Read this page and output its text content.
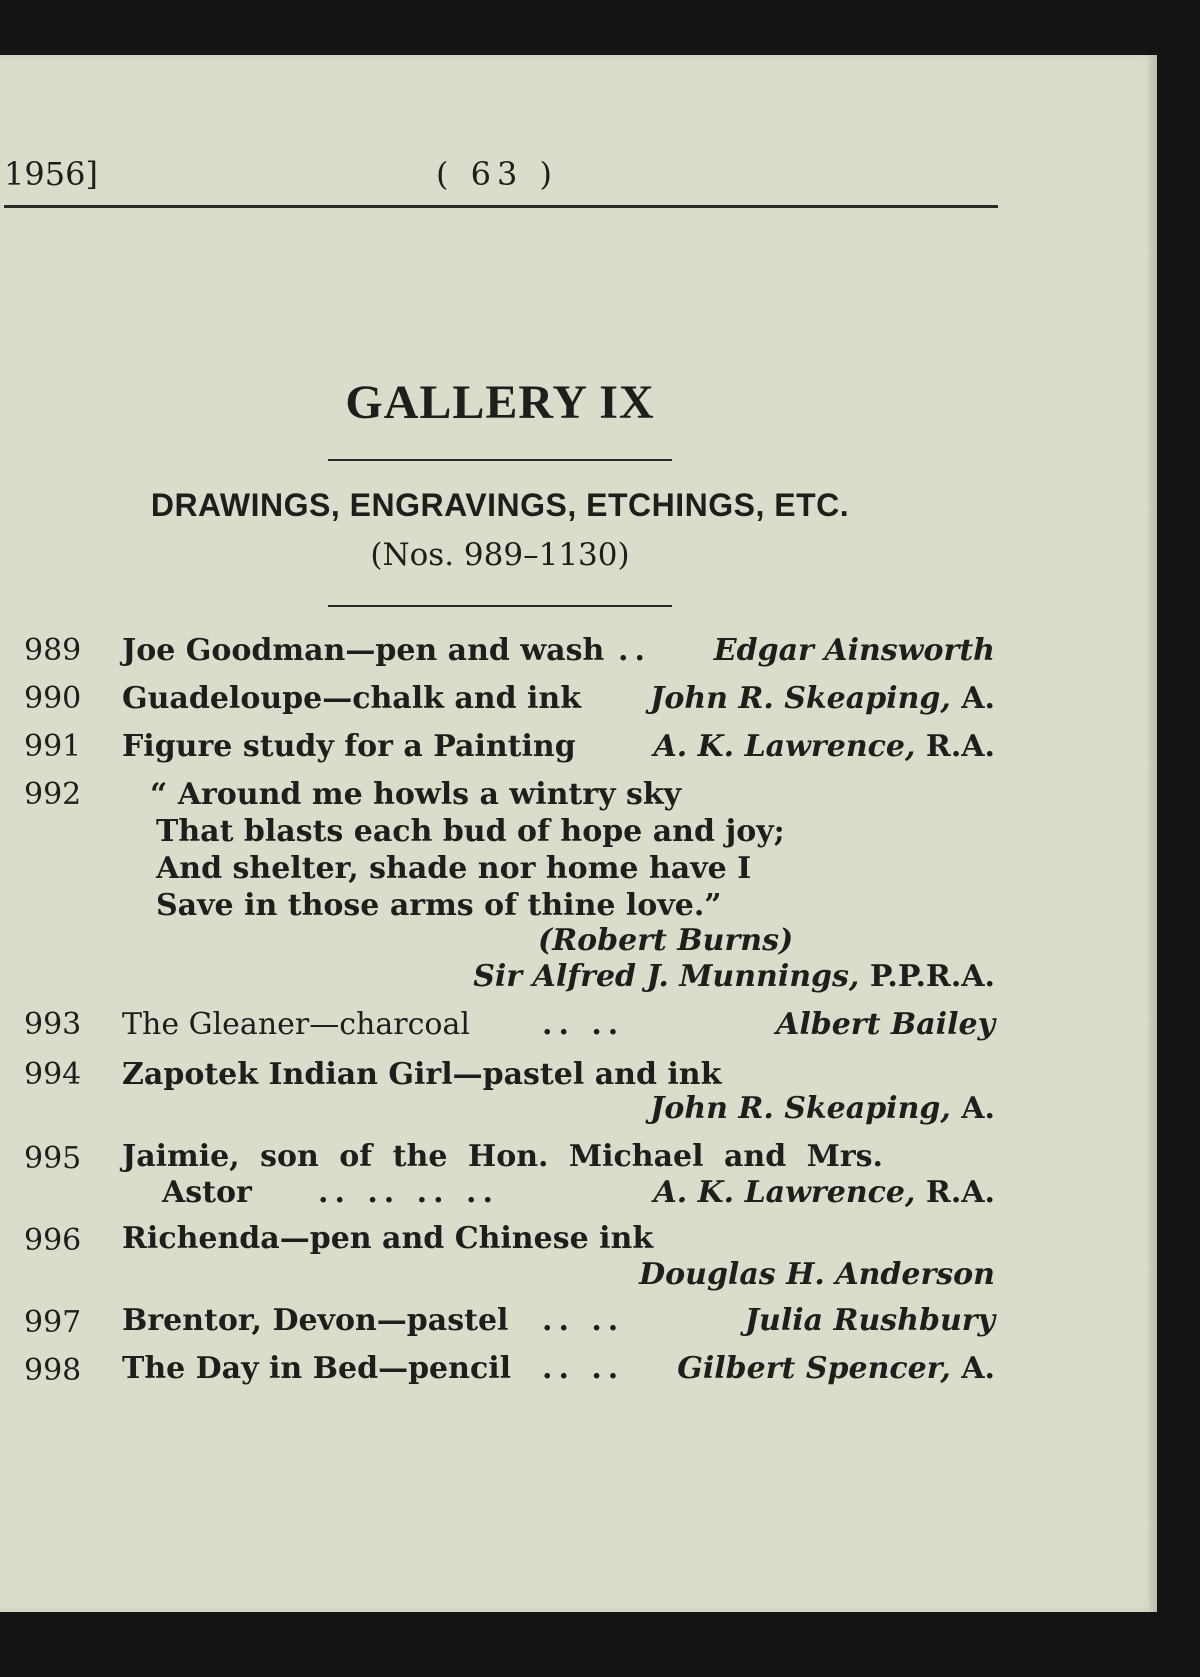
1956]	( 63 )
GALLERY IX
DRAWINGS, ENGRAVINGS, ETCHINGS, ETC.
(Nos. 989–1130)
989 Joe Goodman—pen and wash .. Edgar Ainsworth
990 Guadeloupe—chalk and ink John R. Skeaping, A.
991 Figure study for a Painting	A. K. Lawrence, R.A.
992 “ Around me howls a wintry sky
That blasts each bud of hope and joy;
And shelter, shade nor home have I
Save in those arms of thine love.”
(Robert Burns)
Sir Alfred J. Munnings, P.P.R.A.
993 The Gleaner—charcoal .. ..	Albert Bailey
994 Zapotek Indian Girl—pastel and ink
John R. Skeaping, A.
995 Jaimie, son of the Hon. Michael and Mrs.
Astor .. .. .. ..	A. K. Lawrence, R.A.
996 Richenda—pen and Chinese ink
Douglas H. Anderson
997 Brentor, Devon—pastel .. ..	Julia Rushbury
998 The Day in Bed—pencil .. .. Gilbert Spencer, A.
